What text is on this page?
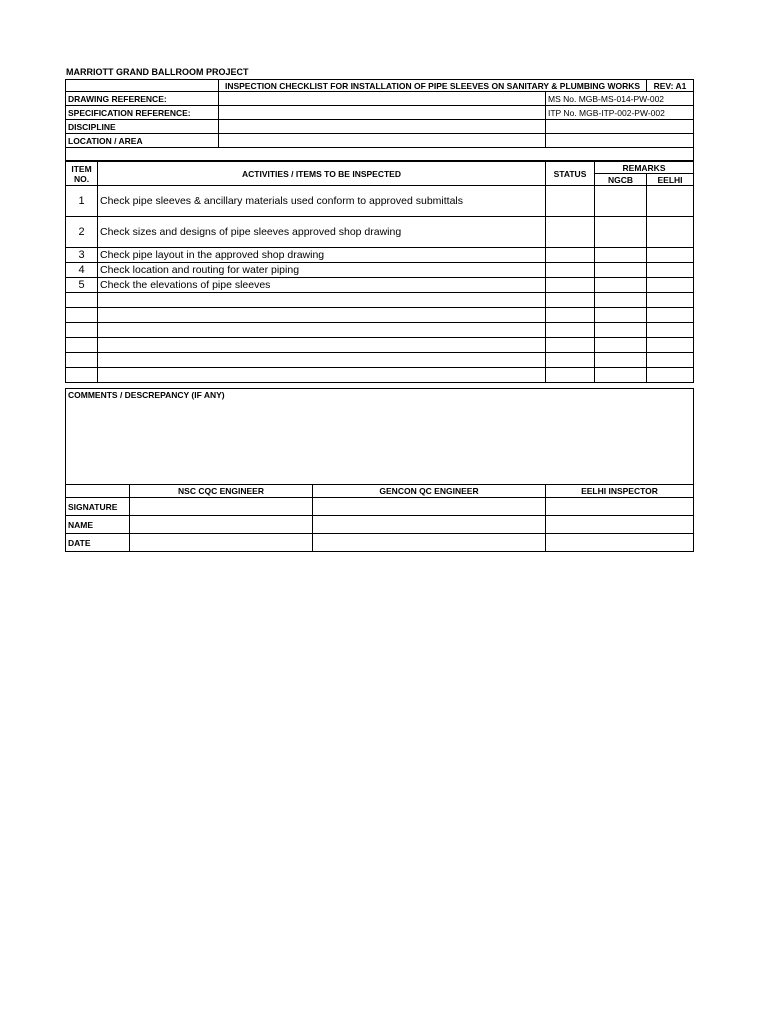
MARRIOTT GRAND BALLROOM PROJECT
	INSPECTION CHECKLIST FOR INSTALLATION OF PIPE SLEEVES ON SANITARY & PLUMBING WORKS		REV: A1
DRAWING REFERENCE:		MS No. MGB-MS-014-PW-002	
SPECIFICATION REFERENCE:		ITP No. MGB-ITP-002-PW-002	
DISCIPLINE			
LOCATION / AREA			

ITEM
NO.	ACTIVITIES / ITEMS TO BE INSPECTED	STATUS	REMARKS	
			NGCB	EELHI
1	Check pipe sleeves & ancillary materials used conform to approved submittals			
2	Check sizes and designs of pipe sleeves approved shop drawing			
3	Check pipe layout in the approved shop drawing			
4	Check location and routing for water piping			
5	Check the elevations of pipe sleeves			

COMMENTS / DESCREPANCY (IF ANY)
	NSC CQC ENGINEER	GENCON QC ENGINEER	EELHI INSPECTOR
SIGNATURE			
NAME			
DATE			
